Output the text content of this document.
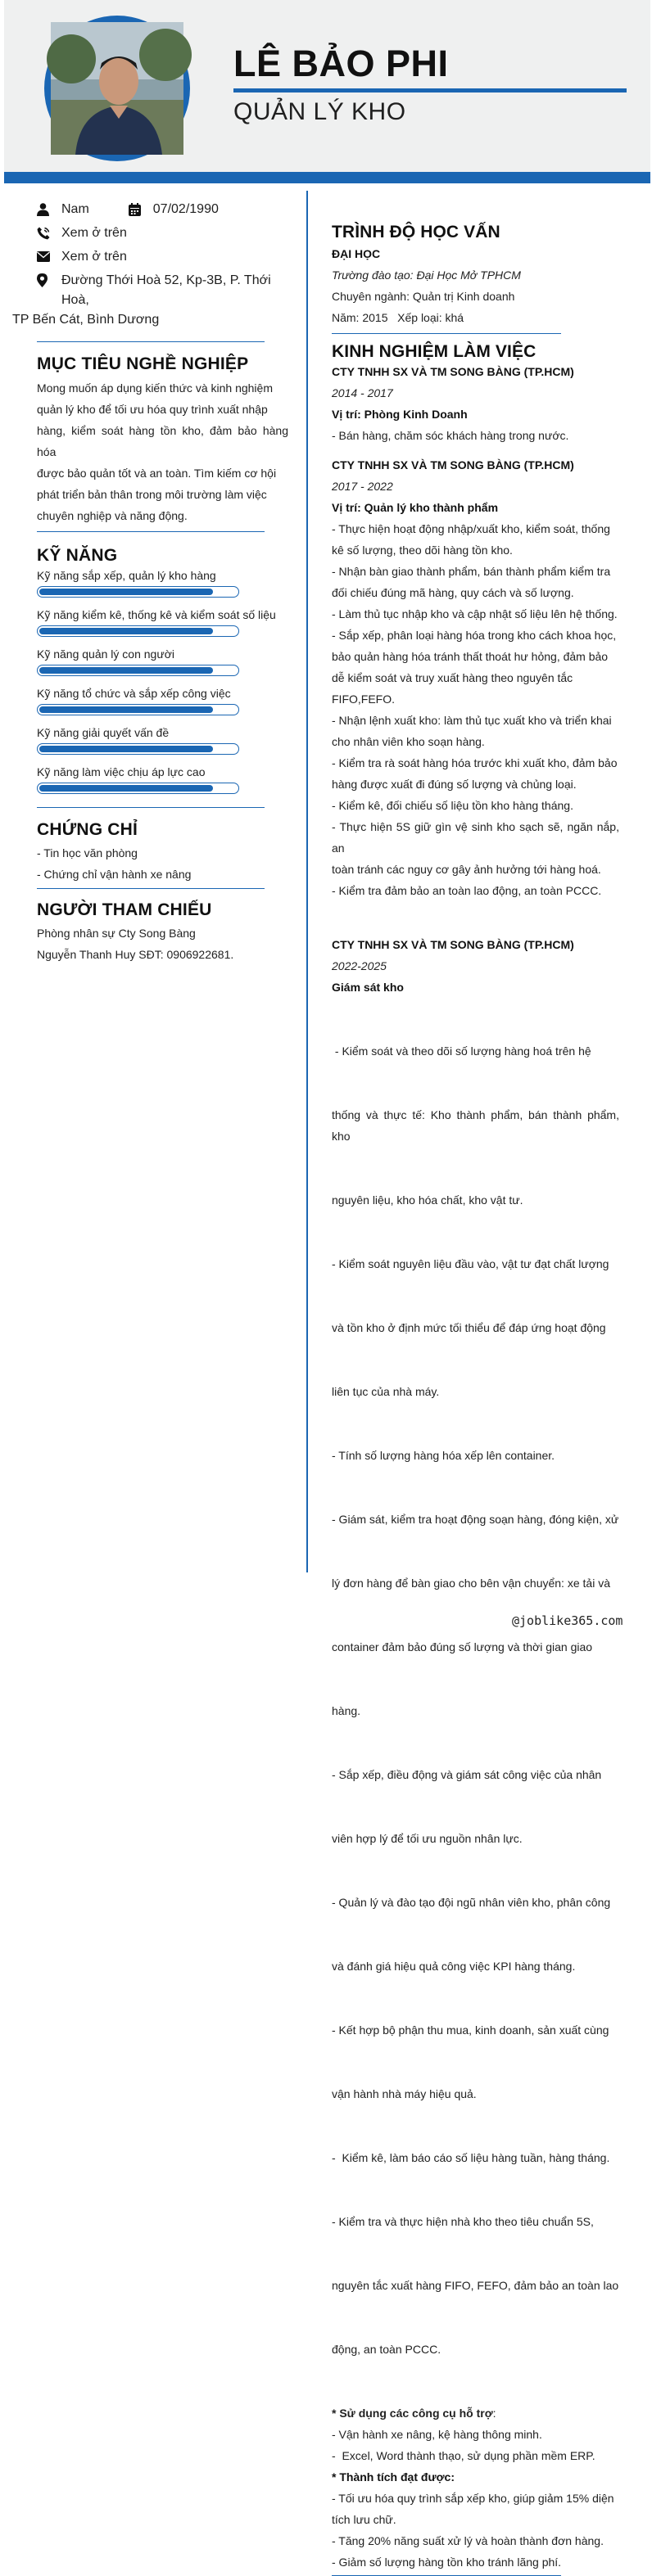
LÊ BẢO PHI
QUẢN LÝ KHO
Nam	07/02/1990
Xem ở trên
Xem ở trên
Đường Thới Hoà 52, Kp-3B, P. Thới Hoà,
TP Bến Cát, Bình Dương
MỤC TIÊU NGHỀ NGHIỆP
Mong muốn áp dụng kiến thức và kinh nghiệm
quản lý kho để tối ưu hóa quy trình xuất nhập
hàng, kiểm soát hàng tồn kho, đảm bảo hàng hóa
được bảo quản tốt và an toàn. Tìm kiếm cơ hội
phát triển bản thân trong môi trường làm việc
chuyên nghiệp và năng động.
KỸ NĂNG
Kỹ năng sắp xếp, quản lý kho hàng
Kỹ năng kiểm kê, thống kê và kiểm soát số liệu
Kỹ năng quản lý con người
Kỹ năng tổ chức và sắp xếp công việc
Kỹ năng giải quyết vấn đề
Kỹ năng làm việc chịu áp lực cao
CHỨNG CHỈ
- Tin học văn phòng
- Chứng chỉ vận hành xe nâng
NGƯỜI THAM CHIẾU
Phòng nhân sự Cty Song Bàng
Nguyễn Thanh Huy SĐT: 0906922681.
TRÌNH ĐỘ HỌC VẤN
ĐẠI HỌC
Trường đào tạo: Đại Học Mở TPHCM
Chuyên ngành: Quản trị Kinh doanh
Năm: 2015   Xếp loại: khá
KINH NGHIỆM LÀM VIỆC
CTY TNHH SX VÀ TM SONG BÀNG (TP.HCM)
2014 - 2017
Vị trí: Phòng Kinh Doanh
- Bán hàng, chăm sóc khách hàng trong nước.
CTY TNHH SX VÀ TM SONG BÀNG (TP.HCM)
2017 - 2022
Vị trí: Quản lý kho thành phẩm
- Thực hiện hoạt động nhập/xuất kho, kiểm soát, thống
kê số lượng, theo dõi hàng tồn kho.
- Nhận bàn giao thành phẩm, bán thành phẩm kiểm tra
đối chiếu đúng mã hàng, quy cách và số lượng.
- Làm thủ tục nhập kho và cập nhật số liệu lên hệ thống.
- Sắp xếp, phân loại hàng hóa trong kho cách khoa học,
bảo quản hàng hóa tránh thất thoát hư hỏng, đảm bảo
dễ kiểm soát và truy xuất hàng theo nguyên tắc
FIFO,FEFO.
- Nhận lệnh xuất kho: làm thủ tục xuất kho và triển khai
cho nhân viên kho soạn hàng.
- Kiểm tra rà soát hàng hóa trước khi xuất kho, đảm bảo
hàng được xuất đi đúng số lượng và chủng loại.
- Kiểm kê, đối chiếu số liệu tồn kho hàng tháng.
- Thực hiện 5S giữ gìn vệ sinh kho sạch sẽ, ngăn nắp, an
toàn tránh các nguy cơ gây ảnh hưởng tới hàng hoá.
- Kiểm tra đảm bảo an toàn lao động, an toàn PCCC.
CTY TNHH SX VÀ TM SONG BÀNG (TP.HCM)
2022-2025
Giám sát kho

- Kiểm soát và theo dõi số lượng hàng hoá trên hệ

thống và thực tế: Kho thành phẩm, bán thành phẩm, kho

nguyên liệu, kho hóa chất, kho vật tư.

- Kiểm soát nguyên liệu đầu vào, vật tư đạt chất lượng

và tồn kho ở định mức tối thiểu để đáp ứng hoạt động

liên tục của nhà máy.

- Tính số lượng hàng hóa xếp lên container.

- Giám sát, kiểm tra hoạt động soạn hàng, đóng kiện, xử

lý đơn hàng để bàn giao cho bên vận chuyển: xe tải và

container đảm bảo đúng số lượng và thời gian giao

hàng.

- Sắp xếp, điều động và giám sát công việc của nhân

viên hợp lý để tối ưu nguồn nhân lực.

- Quản lý và đào tạo đội ngũ nhân viên kho, phân công

và đánh giá hiệu quả công việc KPI hàng tháng.

- Kết hợp bộ phận thu mua, kinh doanh, sản xuất cùng

vận hành nhà máy hiệu quả.

-  Kiểm kê, làm báo cáo số liệu hàng tuần, hàng tháng.

- Kiểm tra và thực hiện nhà kho theo tiêu chuẩn 5S,

nguyên tắc xuất hàng FIFO, FEFO, đảm bảo an toàn lao

động, an toàn PCCC.

* Sử dụng các công cụ hỗ trợ:
- Vận hành xe nâng, kệ hàng thông minh.
-  Excel, Word thành thạo, sử dụng phần mềm ERP.
* Thành tích đạt được:
- Tối ưu hóa quy trình sắp xếp kho, giúp giảm 15% diện
tích lưu chữ.
- Tăng 20% năng suất xử lý và hoàn thành đơn hàng.
- Giảm số lượng hàng tồn kho tránh lãng phí.
@joblike365.com
